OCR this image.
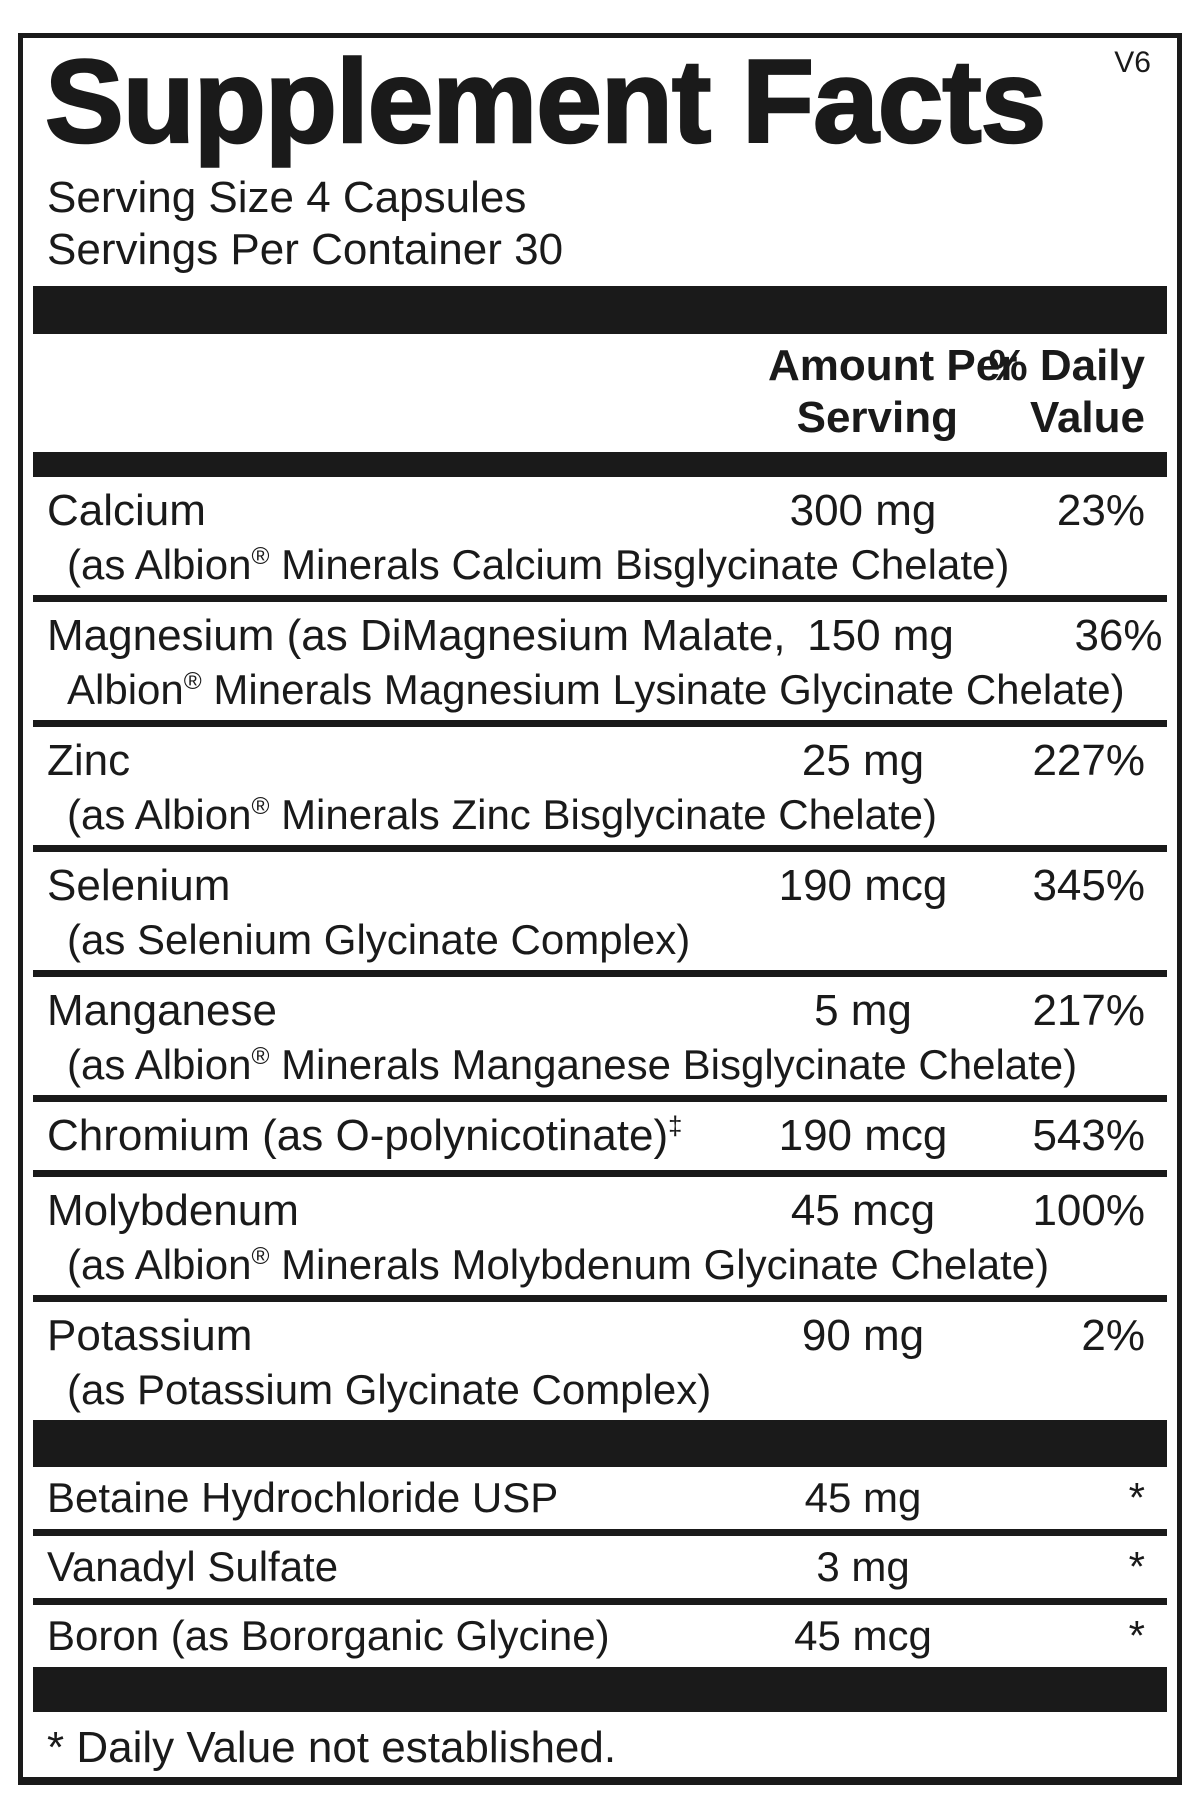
V6
Supplement Facts
Serving Size 4 Capsules
Servings Per Container 30
Amount Per
Serving
% Daily
Value
Calcium	300 mg	23%
(as Albion® Minerals Calcium Bisglycinate Chelate)
Magnesium (as DiMagnesium Malate, 150 mg	36%
Albion® Minerals Magnesium Lysinate Glycinate Chelate)
Zinc	25 mg	227%
(as Albion® Minerals Zinc Bisglycinate Chelate)
Selenium	190 mcg	345%
(as Selenium Glycinate Complex)
Manganese	5 mg	217%
(as Albion® Minerals Manganese Bisglycinate Chelate)
Chromium (as O-polynicotinate)‡	190 mcg	543%
Molybdenum	45 mcg	100%
(as Albion® Minerals Molybdenum Glycinate Chelate)
Potassium	90 mg	2%
(as Potassium Glycinate Complex)
Betaine Hydrochloride USP	45 mg	*
Vanadyl Sulfate	3 mg	*
Boron (as Bororganic Glycine)	45 mcg	*
* Daily Value not established.
